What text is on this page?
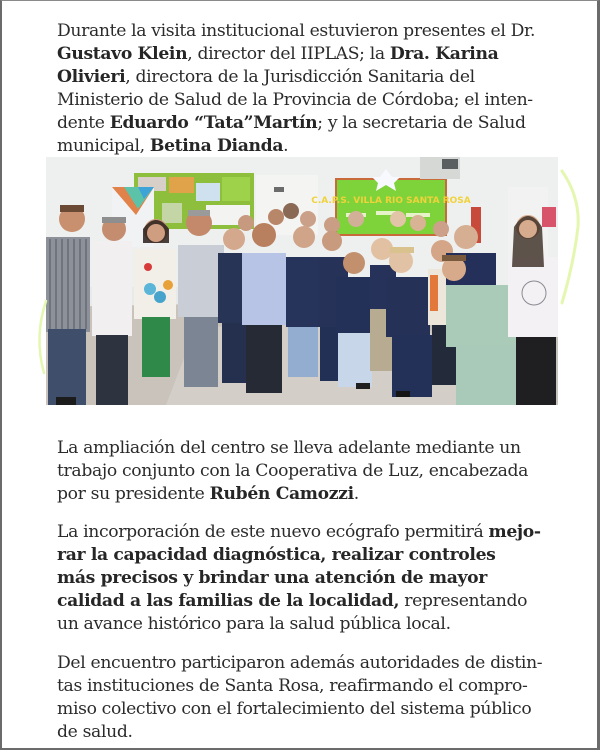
Durante la visita institucional estuvieron presentes el Dr.
Gustavo Klein, director del IIPLAS; la Dra. Karina
Olivieri, directora de la Jurisdicción Sanitaria del
Ministerio de Salud de la Provincia de Córdoba; el inten-
dente Eduardo “Tata”Martín; y la secretaria de Salud
municipal, Betina Dianda.
C.A.P.S. VILLA RIO SANTA ROSA
La ampliación del centro se lleva adelante mediante un
trabajo conjunto con la Cooperativa de Luz, encabezada
por su presidente Rubén Camozzi.
La incorporación de este nuevo ecógrafo permitirá mejo-
rar la capacidad diagnóstica, realizar controles
más precisos y brindar una atención de mayor
calidad a las familias de la localidad, representando
un avance histórico para la salud pública local.
Del encuentro participaron además autoridades de distin-
tas instituciones de Santa Rosa, reafirmando el compro-
miso colectivo con el fortalecimiento del sistema público
de salud.
